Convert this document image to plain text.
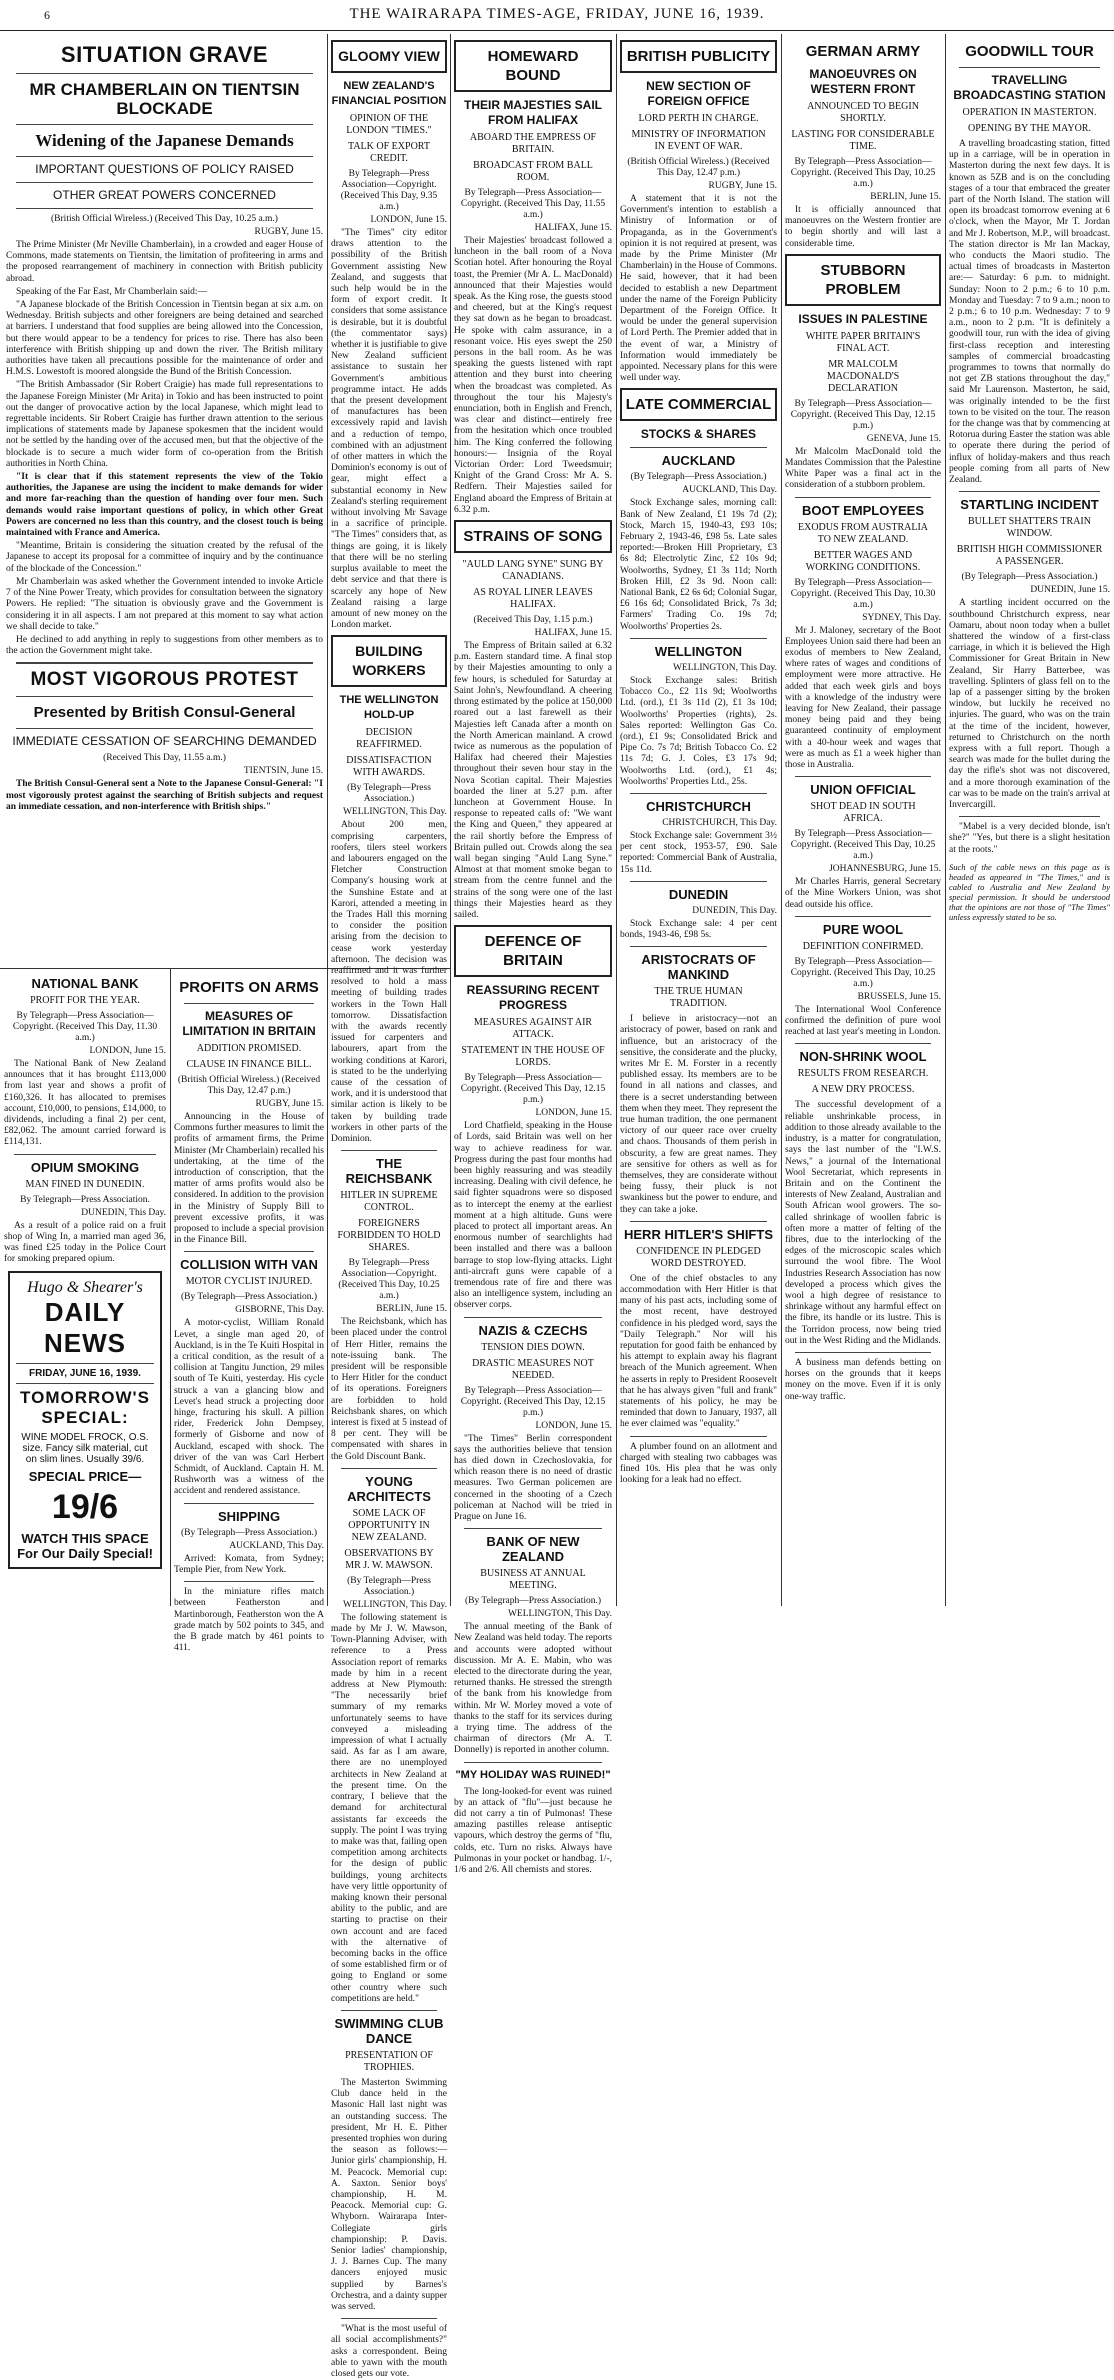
6	THE WAIRARAPA TIMES-AGE, FRIDAY, JUNE 16, 1939.
SITUATION GRAVE
MR CHAMBERLAIN ON TIENTSIN BLOCKADE
Widening of the Japanese Demands
IMPORTANT QUESTIONS OF POLICY RAISED
OTHER GREAT POWERS CONCERNED
(British Official Wireless.) (Received This Day, 10.25 a.m.)
RUGBY, June 15.

The Prime Minister (Mr Neville Chamberlain), in a crowded and eager House of Commons, made statements on Tientsin, the limitation of profiteering in arms and the proposed rearrangement of machinery in connection with British publicity abroad.

Speaking of the Far East, Mr Chamberlain said:—

"A Japanese blockade of the British Concession in Tientsin began at six a.m. on Wednesday. British subjects and other foreigners are being detained and searched at barriers. I understand that food supplies are being allowed into the Concession, but there would appear to be a tendency for prices to rise. There has also been interference with British shipping up and down the river. The British military authorities have taken all precautions possible for the maintenance of order and H.M.S. Lowestoft is moored alongside the Bund of the British Concession.

"The British Ambassador (Sir Robert Craigie) has made full representations to the Japanese Foreign Minister (Mr Arita) in Tokio and has been instructed to point out the danger of provocative action by the local Japanese, which might lead to regrettable incidents. Sir Robert Craigie has further drawn attention to the serious implications of statements made by Japanese spokesmen that the incident would not be settled by the handing over of the accused men, but that the objective of the blockade is to secure a much wider form of co-operation from the British authorities in North China.

"It is clear that if this statement represents the view of the Tokio authorities, the Japanese are using the incident to make demands for wider and more far-reaching than the question of handing over four men. Such demands would raise important questions of policy, in which other Great Powers are concerned no less than this country, and the closest touch is being maintained with France and America.

"Meantime, Britain is considering the situation created by the refusal of the Japanese to accept its proposal for a committee of inquiry and by the continuance of the blockade of the Concession."

Mr Chamberlain was asked whether the Government intended to invoke Article 7 of the Nine Power Treaty, which provides for consultation between the signatory Powers. He replied: "The situation is obviously grave and the Government is considering it in all aspects. I am not prepared at this moment to say what action we shall decide to take."

He declined to add anything in reply to suggestions from other members as to the action the Government might take.

MOST VIGOROUS PROTEST
Presented by British Consul-General
IMMEDIATE CESSATION OF SEARCHING DEMANDED
(Received This Day, 11.55 a.m.)
TIENTSIN, June 15.

The British Consul-General sent a Note to the Japanese Consul-General: "I most vigorously protest against the searching of British subjects and request an immediate cessation, and non-interference with British ships."

NATIONAL BANK
PROFIT FOR THE YEAR.
By Telegraph—Press Association—Copyright. (Received This Day, 11.30 a.m.)
LONDON, June 15.

The National Bank of New Zealand announces that it has brought £113,000 from last year and shows a profit of £160,326. It has allocated to premises account, £10,000, to pensions, £14,000, to dividends, including a final 2) per cent, £82,062. The amount carried forward is £114,131.

OPIUM SMOKING
MAN FINED IN DUNEDIN.
By Telegraph—Press Association.
DUNEDIN, This Day.

As a result of a police raid on a fruit shop of Wing In, a married man aged 36, was fined £25 today in the Police Court for smoking prepared opium.

Hugo & Shearer's
DAILY NEWS
FRIDAY, JUNE 16, 1939.
TOMORROW'S SPECIAL:
WINE MODEL FROCK, O.S. size. Fancy silk material, cut on slim lines. Usually 39/6.
SPECIAL PRICE—
19/6
WATCH THIS SPACE For Our Daily Special!
PROFITS ON ARMS
MEASURES OF LIMITATION IN BRITAIN
ADDITION PROMISED.
CLAUSE IN FINANCE BILL.
(British Official Wireless.) (Received This Day, 12.47 p.m.)
RUGBY, June 15.

Announcing in the House of Commons further measures to limit the profits of armament firms, the Prime Minister (Mr Chamberlain) recalled his undertaking, at the time of the introduction of conscription, that the matter of arms profits would also be considered. In addition to the provision in the Ministry of Supply Bill to prevent excessive profits, it was proposed to include a special provision in the Finance Bill.

COLLISION WITH VAN
MOTOR CYCLIST INJURED.
(By Telegraph—Press Association.)
GISBORNE, This Day.

A motor-cyclist, William Ronald Levet, a single man aged 20, of Auckland, is in the Te Kuiti Hospital in a critical condition, as the result of a collision at Tangitu Junction, 29 miles south of Te Kuiti, yesterday. His cycle struck a van a glancing blow and Levet's head struck a projecting door hinge, fracturing his skull. A pillion rider, Frederick John Dempsey, formerly of Gisborne and now of Auckland, escaped with shock. The driver of the van was Carl Herbert Schmidt, of Auckland. Captain H. M. Rushworth was a witness of the accident and rendered assistance.

SHIPPING
(By Telegraph—Press Association.)
AUCKLAND, This Day.

Arrived: Komata, from Sydney; Temple Pier, from New York.

In the miniature rifles match between Featherston and Martinborough, Featherston won the A grade match by 502 points to 345, and the B grade match by 461 points to 411.

GLOOMY VIEW
NEW ZEALAND'S FINANCIAL POSITION
OPINION OF THE LONDON "TIMES."
TALK OF EXPORT CREDIT.
By Telegraph—Press Association—Copyright. (Received This Day, 9.35 a.m.)
LONDON, June 15.

"The Times" city editor draws attention to the possibility of the British Government assisting New Zealand, and suggests that such help would be in the form of export credit. It considers that some assistance is desirable, but it is doubtful (the commentator says) whether it is justifiable to give New Zealand sufficient assistance to sustain her Government's ambitious programme intact. He adds that the present development of manufactures has been excessively rapid and lavish and a reduction of tempo, combined with an adjustment of other matters in which the Dominion's economy is out of gear, might effect a substantial economy in New Zealand's sterling requirement without involving Mr Savage in a sacrifice of principle. "The Times" considers that, as things are going, it is likely that there will be no sterling surplus available to meet the debt service and that there is scarcely any hope of New Zealand raising a large amount of new money on the London market.

BUILDING WORKERS
THE WELLINGTON HOLD-UP
DECISION REAFFIRMED.
DISSATISFACTION WITH AWARDS.
(By Telegraph—Press Association.)
WELLINGTON, This Day.

About 200 men, comprising carpenters, roofers, tilers steel workers and labourers engaged on the Fletcher Construction Company's housing work at the Sunshine Estate and at Karori, attended a meeting in the Trades Hall this morning to consider the position arising from the decision to cease work yesterday afternoon. The decision was reaffirmed and it was further resolved to hold a mass meeting of building trades workers in the Town Hall tomorrow. Dissatisfaction with the awards recently issued for carpenters and labourers, apart from the working conditions at Karori, is stated to be the underlying cause of the cessation of work, and it is understood that similar action is likely to be taken by building trade workers in other parts of the Dominion.

THE REICHSBANK
HITLER IN SUPREME CONTROL.
FOREIGNERS FORBIDDEN TO HOLD SHARES.
By Telegraph—Press Association—Copyright. (Received This Day, 10.25 a.m.)
BERLIN, June 15.

The Reichsbank, which has been placed under the control of Herr Hitler, remains the note-issuing bank. The president will be responsible to Herr Hitler for the conduct of its operations. Foreigners are forbidden to hold Reichsbank shares, on which interest is fixed at 5 instead of 8 per cent. They will be compensated with shares in the Gold Discount Bank.

YOUNG ARCHITECTS
SOME LACK OF OPPORTUNITY IN NEW ZEALAND.
OBSERVATIONS BY MR J. W. MAWSON.
(By Telegraph—Press Association.)
WELLINGTON, This Day.

The following statement is made by Mr J. W. Mawson, Town-Planning Adviser, with reference to a Press Association report of remarks made by him in a recent address at New Plymouth: "The necessarily brief summary of my remarks unfortunately seems to have conveyed a misleading impression of what I actually said. As far as I am aware, there are no unemployed architects in New Zealand at the present time. On the contrary, I believe that the demand for architectural assistants far exceeds the supply. The point I was trying to make was that, failing open competition among architects for the design of public buildings, young architects have very little opportunity of making known their personal ability to the public, and are starting to practise on their own account and are faced with the alternative of becoming backs in the office of some established firm or of going to England or some other country where such competitions are held."

SWIMMING CLUB DANCE
PRESENTATION OF TROPHIES.

The Masterton Swimming Club dance held in the Masonic Hall last night was an outstanding success. The president, Mr H. E. Pither presented trophies won during the season as follows:— Junior girls' championship, H. M. Peacock. Memorial cup: A. Saxton. Senior boys' championship, H. M. Peacock. Memorial cup: G. Whyborn. Wairarapa Inter-Collegiate girls championship: P. Davis. Senior ladies' championship, J. J. Barnes Cup. The many dancers enjoyed music supplied by Barnes's Orchestra, and a dainty supper was served.

"What is the most useful of all social accomplishments?" asks a correspondent. Being able to yawn with the mouth closed gets our vote.

HOMEWARD BOUND
THEIR MAJESTIES SAIL FROM HALIFAX
ABOARD THE EMPRESS OF BRITAIN.
BROADCAST FROM BALL ROOM.
By Telegraph—Press Association—Copyright. (Received This Day, 11.55 a.m.)
HALIFAX, June 15.

Their Majesties' broadcast followed a luncheon in the ball room of a Nova Scotian hotel. After honouring the Royal toast, the Premier (Mr A. L. MacDonald) announced that their Majesties would speak. As the King rose, the guests stood and cheered, but at the King's request they sat down as he began to broadcast. He spoke with calm assurance, in a resonant voice. His eyes swept the 250 persons in the ball room. As he was speaking the guests listened with rapt attention and they burst into cheering when the broadcast was completed. As throughout the tour his Majesty's enunciation, both in English and French, was clear and distinct—entirely free from the hesitation which once troubled him. The King conferred the following honours:— Insignia of the Royal Victorian Order: Lord Tweedsmuir; Knight of the Grand Cross: Mr A. S. Redfern. Their Majesties sailed for England aboard the Empress of Britain at 6.32 p.m.

STRAINS OF SONG
"AULD LANG SYNE" SUNG BY CANADIANS.
AS ROYAL LINER LEAVES HALIFAX.
(Received This Day, 1.15 p.m.)
HALIFAX, June 15.

The Empress of Britain sailed at 6.32 p.m. Eastern standard time. A final stop by their Majesties amounting to only a few hours, is scheduled for Saturday at Saint John's, Newfoundland. A cheering throng estimated by the police at 150,000 roared out a last farewell as their Majesties left Canada after a month on the North American mainland. A crowd twice as numerous as the population of Halifax had cheered their Majesties throughout their seven hour stay in the Nova Scotian capital. Their Majesties boarded the liner at 5.27 p.m. after luncheon at Government House. In response to repeated calls of: "We want the King and Queen," they appeared at the rail shortly before the Empress of Britain pulled out. Crowds along the sea wall began singing "Auld Lang Syne." Almost at that moment smoke began to stream from the centre funnel and the strains of the song were one of the last things their Majesties heard as they sailed.

DEFENCE OF BRITAIN
REASSURING RECENT PROGRESS
MEASURES AGAINST AIR ATTACK.
STATEMENT IN THE HOUSE OF LORDS.
By Telegraph—Press Association—Copyright. (Received This Day, 12.15 p.m.)
LONDON, June 15.

Lord Chatfield, speaking in the House of Lords, said Britain was well on her way to achieve readiness for war. Progress during the past four months had been highly reassuring and was steadily increasing. Dealing with civil defence, he said fighter squadrons were so disposed as to intercept the enemy at the earliest moment at a high altitude. Guns were placed to protect all important areas. An enormous number of searchlights had been installed and there was a balloon barrage to stop low-flying attacks. Light anti-aircraft guns were capable of a tremendous rate of fire and there was also an intelligence system, including an observer corps.

NAZIS & CZECHS
TENSION DIES DOWN.
DRASTIC MEASURES NOT NEEDED.
By Telegraph—Press Association—Copyright. (Received This Day, 12.15 p.m.)
LONDON, June 15.

"The Times" Berlin correspondent says the authorities believe that tension has died down in Czechoslovakia, for which reason there is no need of drastic measures. Two German policemen are concerned in the shooting of a Czech policeman at Nachod will be tried in Prague on June 16.

BANK OF NEW ZEALAND
BUSINESS AT ANNUAL MEETING.
(By Telegraph—Press Association.)
WELLINGTON, This Day.

The annual meeting of the Bank of New Zealand was held today. The reports and accounts were adopted without discussion. Mr A. E. Mabin, who was elected to the directorate during the year, returned thanks. He stressed the strength of the bank from his knowledge from within. Mr W. Morley moved a vote of thanks to the staff for its services during a trying time. The address of the chairman of directors (Mr A. T. Donnelly) is reported in another column.

"MY HOLIDAY WAS RUINED!"

The long-looked-for event was ruined by an attack of "flu"—just because he did not carry a tin of Pulmonas! These amazing pastilles release antiseptic vapours, which destroy the germs of "flu, colds, etc. Turn no risks. Always have Pulmonas in your pocket or handbag. 1/-, 1/6 and 2/6. All chemists and stores.

BRITISH PUBLICITY
NEW SECTION OF FOREIGN OFFICE
LORD PERTH IN CHARGE.
MINISTRY OF INFORMATION IN EVENT OF WAR.
(British Official Wireless.) (Received This Day, 12.47 p.m.)
RUGBY, June 15.

A statement that it is not the Government's intention to establish a Ministry of Information or of Propaganda, as in the Government's opinion it is not required at present, was made by the Prime Minister (Mr Chamberlain) in the House of Commons. He said, however, that it had been decided to establish a new Department under the name of the Foreign Publicity Department of the Foreign Office. It would be under the general supervision of Lord Perth. The Premier added that in the event of war, a Ministry of Information would immediately be appointed. Necessary plans for this were well under way.

LATE COMMERCIAL
STOCKS & SHARES
AUCKLAND
(By Telegraph—Press Association.)
AUCKLAND, This Day.

Stock Exchange sales, morning call: Bank of New Zealand, £1 19s 7d (2); Stock, March 15, 1940-43, £93 10s; February 2, 1943-46, £98 5s. Late sales reported:—Broken Hill Proprietary, £3 6s 8d; Electrolytic Zinc, £2 10s 9d; Woolworths, Sydney, £1 3s 11d; North Broken Hill, £2 3s 9d. Noon call: National Bank, £2 6s 6d; Colonial Sugar, £6 16s 6d; Consolidated Brick, 7s 3d; Farmers' Trading Co. 19s 7d; Woolworths' Properties 2s.

WELLINGTON
WELLINGTON, This Day.

Stock Exchange sales: British Tobacco Co., £2 11s 9d; Woolworths Ltd. (ord.), £1 3s 11d (2), £1 3s 10d; Woolworths' Properties (rights), 2s. Sales reported: Wellington Gas Co. (ord.), £1 9s; Consolidated Brick and Pipe Co. 7s 7d; British Tobacco Co. £2 11s 7d; G. J. Coles, £3 17s 9d; Woolworths Ltd. (ord.), £1 4s; Woolworths' Properties Ltd., 25s.

CHRISTCHURCH
CHRISTCHURCH, This Day.

Stock Exchange sale: Government 3½ per cent stock, 1953-57, £90. Sale reported: Commercial Bank of Australia, 15s 11d.

DUNEDIN
DUNEDIN, This Day.

Stock Exchange sale: 4 per cent bonds, 1943-46, £98 5s.

ARISTOCRATS OF MANKIND
THE TRUE HUMAN TRADITION.

I believe in aristocracy—not an aristocracy of power, based on rank and influence, but an aristocracy of the sensitive, the considerate and the plucky, writes Mr E. M. Forster in a recently published essay. Its members are to be found in all nations and classes, and there is a secret understanding between them when they meet. They represent the true human tradition, the one permanent victory of our queer race over cruelty and chaos. Thousands of them perish in obscurity, a few are great names. They are sensitive for others as well as for themselves, they are considerate without being fussy, their pluck is not swankiness but the power to endure, and they can take a joke.

HERR HITLER'S SHIFTS
CONFIDENCE IN PLEDGED WORD DESTROYED.

One of the chief obstacles to any accommodation with Herr Hitler is that many of his past acts, including some of the most recent, have destroyed confidence in his pledged word, says the "Daily Telegraph." Nor will his reputation for good faith be enhanced by his attempt to explain away his flagrant breach of the Munich agreement. When he asserts in reply to President Roosevelt that he has always given "full and frank" statements of his policy, he may be reminded that down to January, 1937, all he ever claimed was "equality."

A plumber found on an allotment and charged with stealing two cabbages was fined 10s. His plea that he was only looking for a leak had no effect.

GERMAN ARMY
MANOEUVRES ON WESTERN FRONT
ANNOUNCED TO BEGIN SHORTLY.
LASTING FOR CONSIDERABLE TIME.
By Telegraph—Press Association—Copyright. (Received This Day, 10.25 a.m.)
BERLIN, June 15.

It is officially announced that manoeuvres on the Western frontier are to begin shortly and will last a considerable time.

STUBBORN PROBLEM
ISSUES IN PALESTINE
WHITE PAPER BRITAIN'S FINAL ACT.
MR MALCOLM MACDONALD'S DECLARATION
By Telegraph—Press Association—Copyright. (Received This Day, 12.15 p.m.)
GENEVA, June 15.

Mr Malcolm MacDonald told the Mandates Commission that the Palestine White Paper was a final act in the consideration of a stubborn problem.

BOOT EMPLOYEES
EXODUS FROM AUSTRALIA TO NEW ZEALAND.
BETTER WAGES AND WORKING CONDITIONS.
By Telegraph—Press Association—Copyright. (Received This Day, 10.30 a.m.)
SYDNEY, This Day.

Mr J. Maloney, secretary of the Boot Employees Union said there had been an exodus of members to New Zealand, where rates of wages and conditions of employment were more attractive. He added that each week girls and boys with a knowledge of the industry were leaving for New Zealand, their passage money being paid and they being guaranteed continuity of employment with a 40-hour week and wages that were as much as £1 a week higher than those in Australia.

UNION OFFICIAL
SHOT DEAD IN SOUTH AFRICA.
By Telegraph—Press Association—Copyright. (Received This Day, 10.25 a.m.)
JOHANNESBURG, June 15.

Mr Charles Harris, general Secretary of the Mine Workers Union, was shot dead outside his office.

PURE WOOL
DEFINITION CONFIRMED.
By Telegraph—Press Association—Copyright. (Received This Day, 10.25 a.m.)
BRUSSELS, June 15.

The International Wool Conference confirmed the definition of pure wool reached at last year's meeting in London.

NON-SHRINK WOOL
RESULTS FROM RESEARCH.
A NEW DRY PROCESS.

The successful development of a reliable unshrinkable process, in addition to those already available to the industry, is a matter for congratulation, says the last number of the "I.W.S. News," a journal of the International Wool Secretariat, which represents in Britain and on the Continent the interests of New Zealand, Australian and South African wool growers. The so-called shrinkage of woollen fabric is often more a matter of felting of the fibres, due to the interlocking of the edges of the microscopic scales which surround the wool fibre. The Wool Industries Research Association has now developed a process which gives the wool a high degree of resistance to shrinkage without any harmful effect on the fibre, its handle or its lustre. This is the Torridon process, now being tried out in the West Riding and the Midlands.

A business man defends betting on horses on the grounds that it keeps money on the move. Even if it is only one-way traffic.

GOODWILL TOUR
TRAVELLING BROADCASTING STATION
OPERATION IN MASTERTON.
OPENING BY THE MAYOR.

A travelling broadcasting station, fitted up in a carriage, will be in operation in Masterton during the next few days. It is known as 5ZB and is on the concluding stages of a tour that embraced the greater part of the North Island. The station will open its broadcast tomorrow evening at 6 o'clock, when the Mayor, Mr T. Jordan and Mr J. Robertson, M.P., will broadcast. The station director is Mr Ian Mackay, who conducts the Maori studio. The actual times of broadcasts in Masterton are:— Saturday: 6 p.m. to midnight. Sunday: Noon to 2 p.m.; 6 to 10 p.m. Monday and Tuesday: 7 to 9 a.m.; noon to 2 p.m.; 6 to 10 p.m. Wednesday: 7 to 9 a.m., noon to 2 p.m. "It is definitely a goodwill tour, run with the idea of giving first-class reception and interesting samples of commercial broadcasting programmes to towns that normally do not get ZB stations throughout the day," said Mr Laurenson. Masterton, he said, was originally intended to be the first town to be visited on the tour. The reason for the change was that by commencing at Rotorua during Easter the station was able to operate there during the period of influx of holiday-makers and thus reach people coming from all parts of New Zealand.

STARTLING INCIDENT
BULLET SHATTERS TRAIN WINDOW.
BRITISH HIGH COMMISSIONER A PASSENGER.
(By Telegraph—Press Association.)
DUNEDIN, June 15.

A startling incident occurred on the southbound Christchurch express, near Oamaru, about noon today when a bullet shattered the window of a first-class carriage, in which it is believed the High Commissioner for Great Britain in New Zealand, Sir Harry Batterbee, was travelling. Splinters of glass fell on to the lap of a passenger sitting by the broken window, but luckily he received no injuries. The guard, who was on the train at the time of the incident, however, returned to Christchurch on the north express with a full report. Though a search was made for the bullet during the day the rifle's shot was not discovered, and a more thorough examination of the car was to be made on the train's arrival at Invercargill.

"Mabel is a very decided blonde, isn't she?" "Yes, but there is a slight hesitation at the roots."

Such of the cable news on this page as is headed as appeared in "The Times," and is cabled to Australia and New Zealand by special permission. It should be understood that the opinions are not those of "The Times" unless expressly stated to be so.
